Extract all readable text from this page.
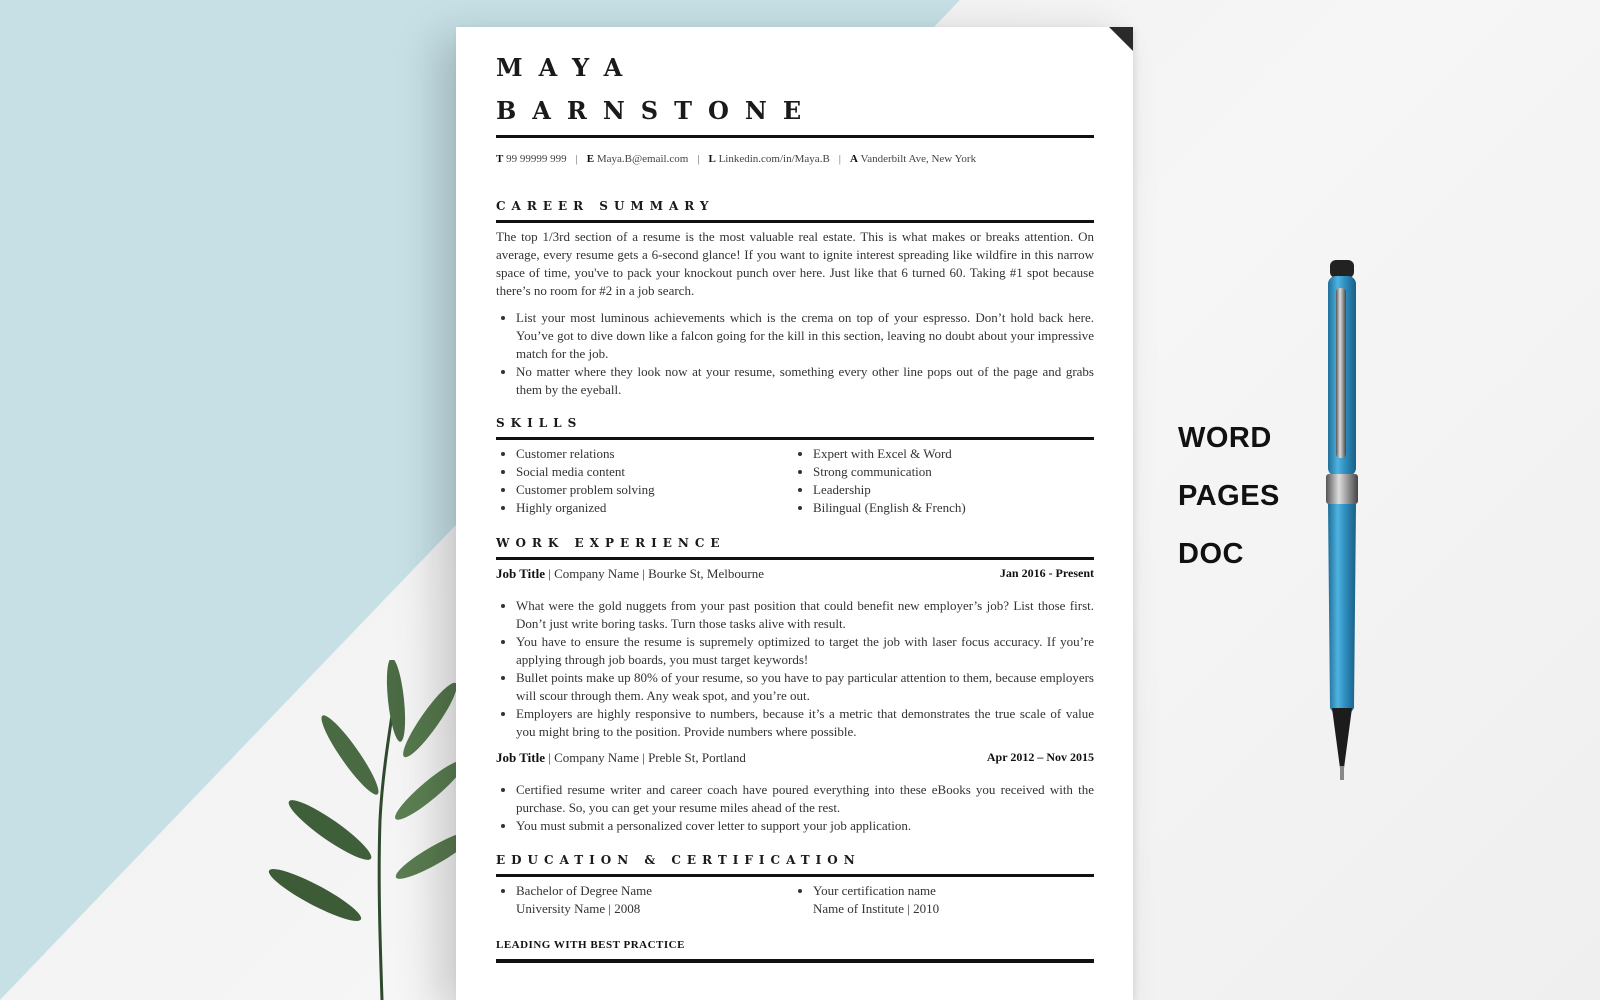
MAYA
BARNSTONE
T 99 99999 999 | E Maya.B@email.com | L Linkedin.com/in/Maya.B | A Vanderbilt Ave, New York
CAREER SUMMARY
The top 1/3rd section of a resume is the most valuable real estate. This is what makes or breaks attention. On average, every resume gets a 6-second glance! If you want to ignite interest spreading like wildfire in this narrow space of time, you've to pack your knockout punch over here. Just like that 6 turned 60. Taking #1 spot because there’s no room for #2 in a job search.
• List your most luminous achievements which is the crema on top of your espresso. Don’t hold back here. You’ve got to dive down like a falcon going for the kill in this section, leaving no doubt about your impressive match for the job.
• No matter where they look now at your resume, something every other line pops out of the page and grabs them by the eyeball.
SKILLS
• Customer relations
• Social media content
• Customer problem solving
• Highly organized
• Expert with Excel & Word
• Strong communication
• Leadership
• Bilingual (English & French)
WORK EXPERIENCE
Job Title | Company Name | Bourke St, Melbourne	Jan 2016 - Present
• What were the gold nuggets from your past position that could benefit new employer’s job? List those first. Don’t just write boring tasks. Turn those tasks alive with result.
• You have to ensure the resume is supremely optimized to target the job with laser focus accuracy. If you’re applying through job boards, you must target keywords!
• Bullet points make up 80% of your resume, so you have to pay particular attention to them, because employers will scour through them. Any weak spot, and you’re out.
• Employers are highly responsive to numbers, because it’s a metric that demonstrates the true scale of value you might bring to the position. Provide numbers where possible.
Job Title | Company Name | Preble St, Portland	Apr 2012 – Nov 2015
• Certified resume writer and career coach have poured everything into these eBooks you received with the purchase. So, you can get your resume miles ahead of the rest.
• You must submit a personalized cover letter to support your job application.
EDUCATION & CERTIFICATION
• Bachelor of Degree Name
University Name | 2008
• Your certification name
Name of Institute | 2010
LEADING WITH BEST PRACTICE
WORD
PAGES
DOC
